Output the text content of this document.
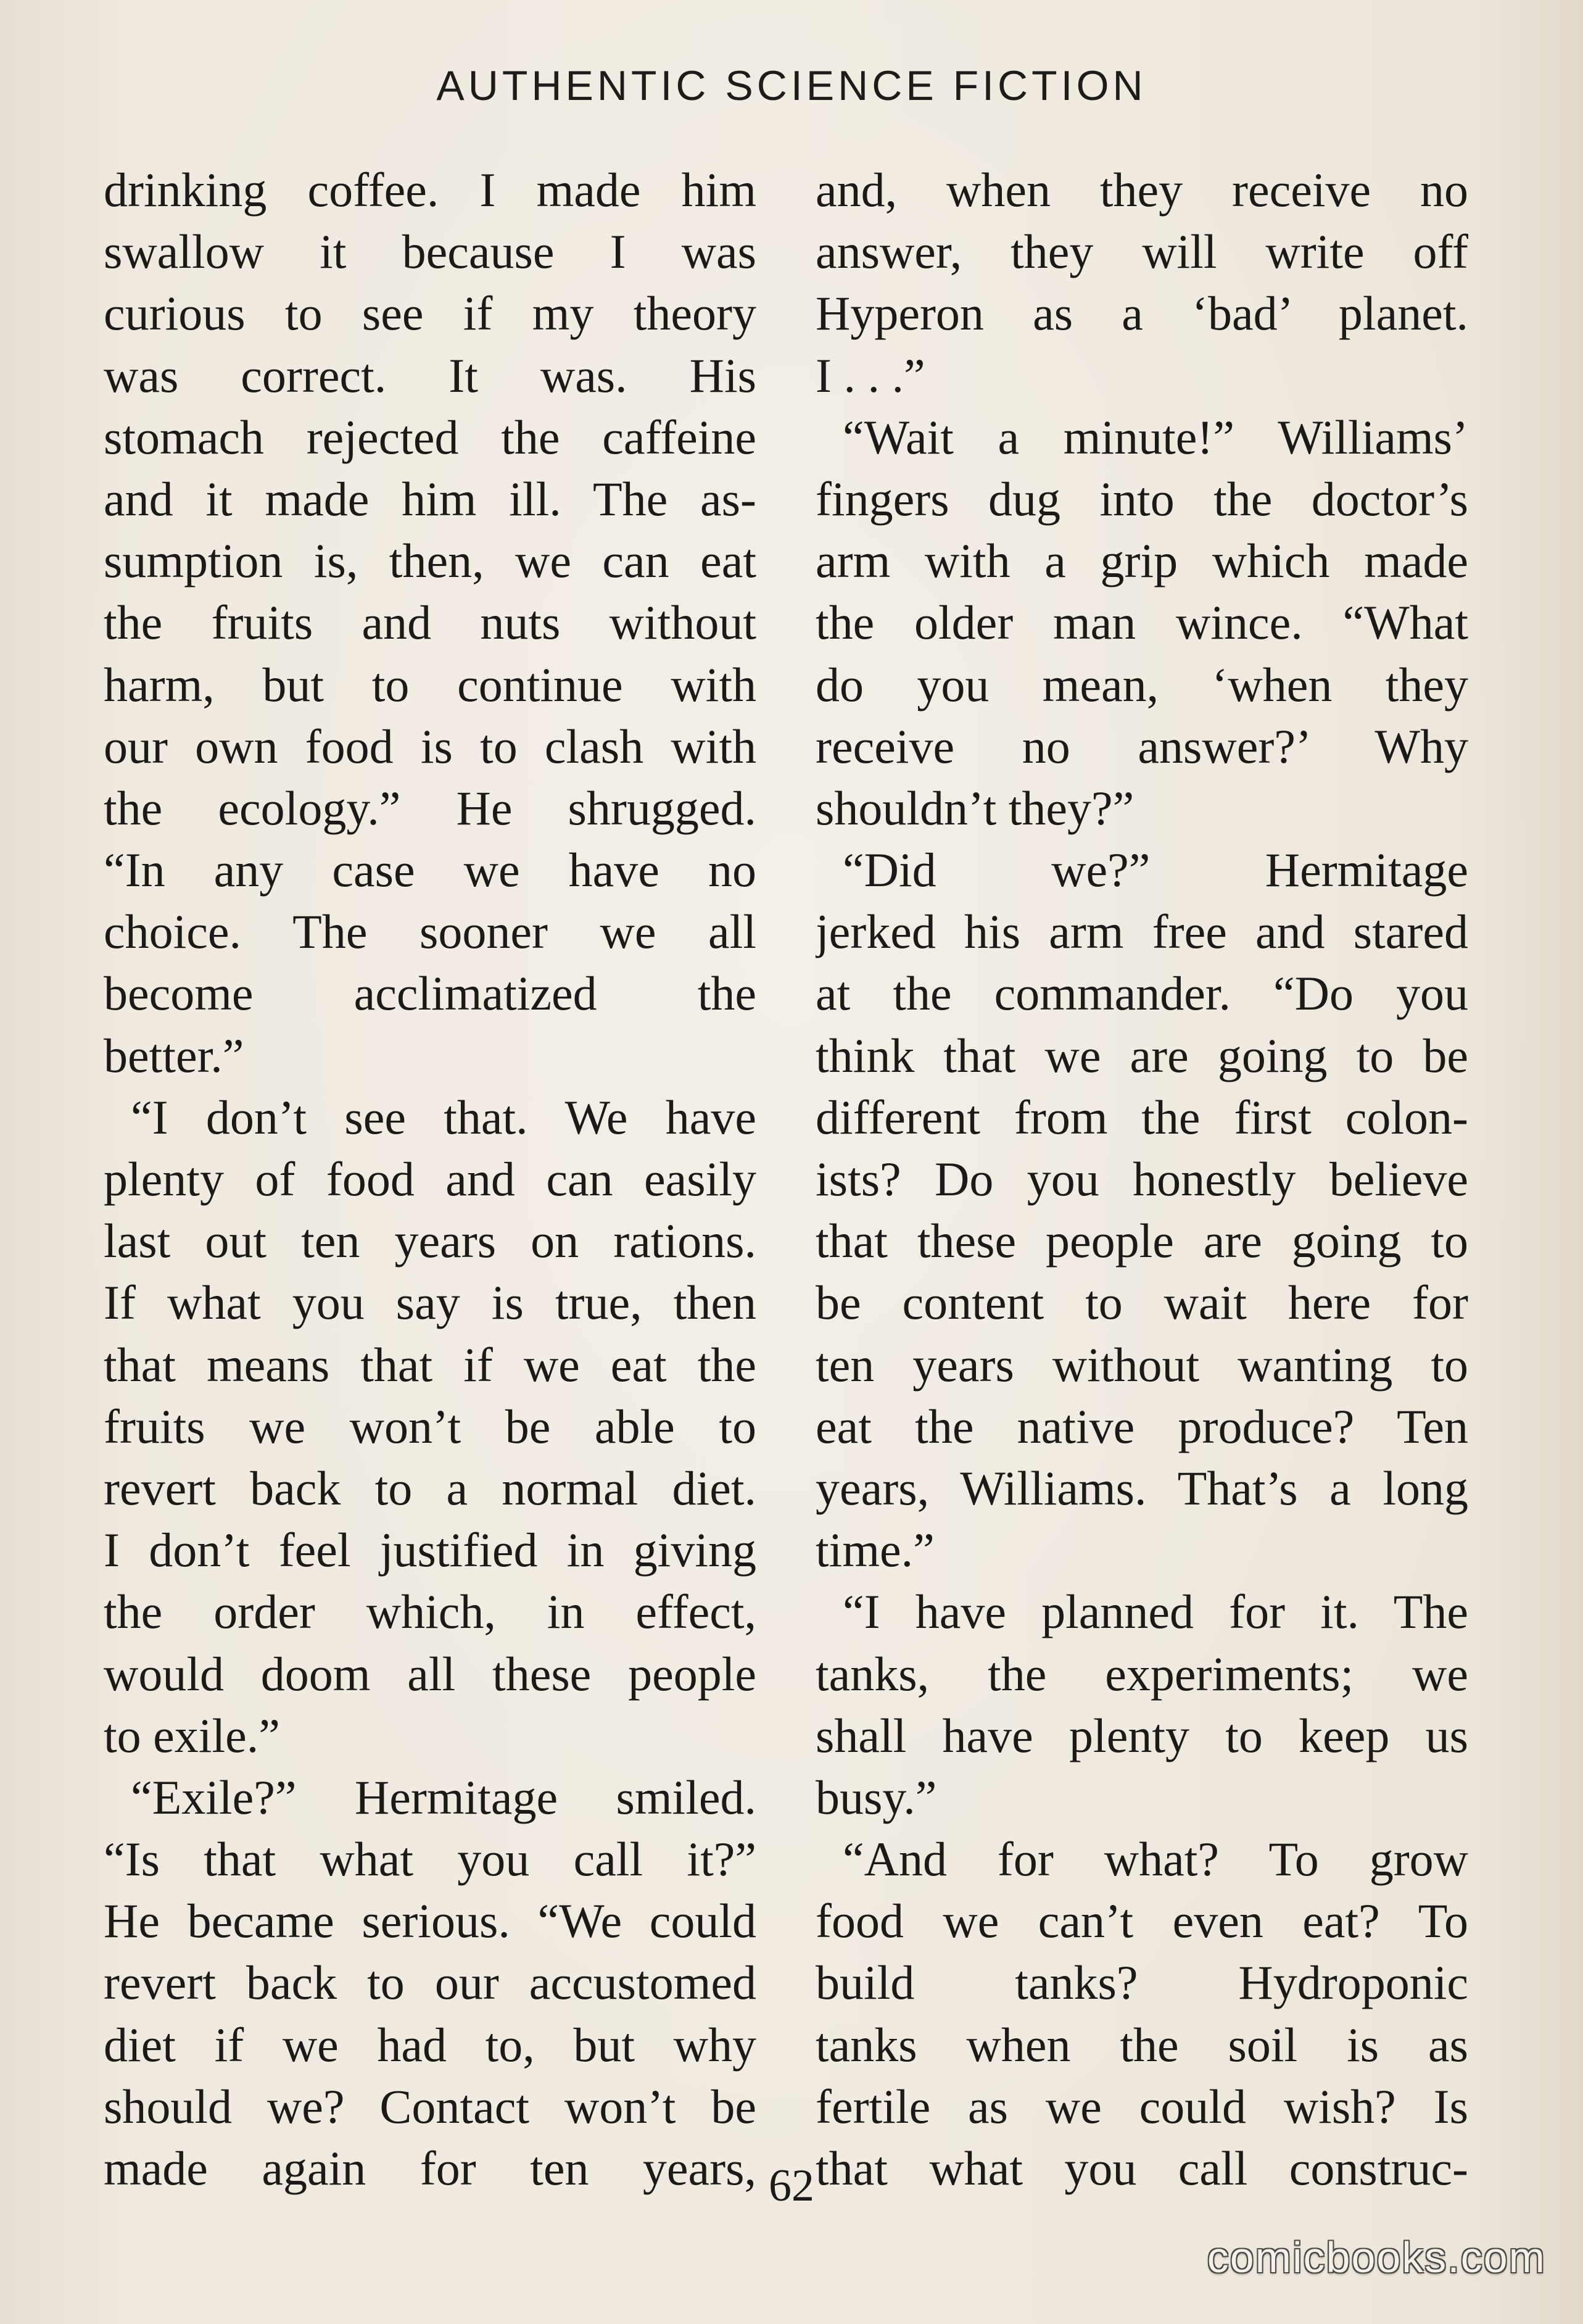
AUTHENTIC SCIENCE FICTION
drinking coffee. I made him
swallow it because I was
curious to see if my theory
was correct. It was. His
stomach rejected the caffeine
and it made him ill. The as-
sumption is, then, we can eat
the fruits and nuts without
harm, but to continue with
our own food is to clash with
the ecology.” He shrugged.
“In any case we have no
choice. The sooner we all
become acclimatized the
better.”
“I don’t see that. We have
plenty of food and can easily
last out ten years on rations.
If what you say is true, then
that means that if we eat the
fruits we won’t be able to
revert back to a normal diet.
I don’t feel justified in giving
the order which, in effect,
would doom all these people
to exile.”
“Exile?” Hermitage smiled.
“Is that what you call it?”
He became serious. “We could
revert back to our accustomed
diet if we had to, but why
should we? Contact won’t be
made again for ten years,
and, when they receive no
answer, they will write off
Hyperon as a ‘bad’ planet.
I . . .”
“Wait a minute!” Williams’
fingers dug into the doctor’s
arm with a grip which made
the older man wince. “What
do you mean, ‘when they
receive no answer?’ Why
shouldn’t they?”
“Did we?” Hermitage
jerked his arm free and stared
at the commander. “Do you
think that we are going to be
different from the first colon-
ists? Do you honestly believe
that these people are going to
be content to wait here for
ten years without wanting to
eat the native produce? Ten
years, Williams. That’s a long
time.”
“I have planned for it. The
tanks, the experiments; we
shall have plenty to keep us
busy.”
“And for what? To grow
food we can’t even eat? To
build tanks? Hydroponic
tanks when the soil is as
fertile as we could wish? Is
that what you call construc-
62
comicbooks.com
